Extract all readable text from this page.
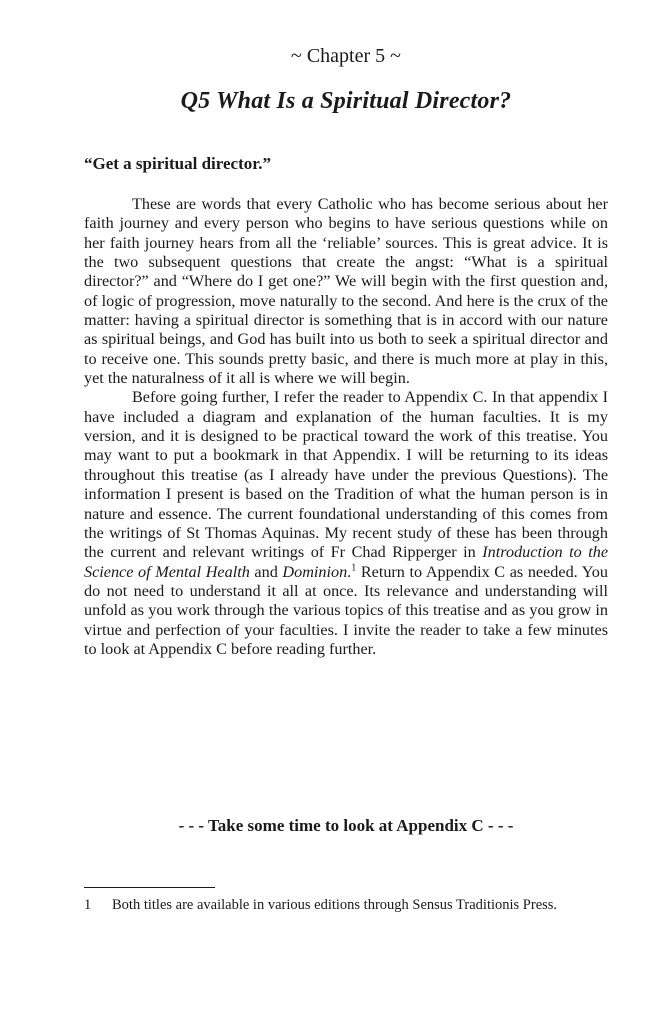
~ Chapter 5 ~
Q5 What Is a Spiritual Director?
“Get a spiritual director.”

These are words that every Catholic who has become serious about her faith journey and every person who begins to have serious questions while on her faith journey hears from all the ‘reliable’ sources. This is great advice. It is the two subsequent questions that create the angst: “What is a spiritual director?” and “Where do I get one?” We will begin with the first question and, of logic of progression, move naturally to the second. And here is the crux of the matter: having a spiritual director is something that is in accord with our nature as spiritual beings, and God has built into us both to seek a spiritual director and to receive one. This sounds pretty basic, and there is much more at play in this, yet the naturalness of it all is where we will begin.

Before going further, I refer the reader to Appendix C. In that appendix I have included a diagram and explanation of the human faculties. It is my version, and it is designed to be practical toward the work of this treatise. You may want to put a bookmark in that Appendix. I will be returning to its ideas throughout this treatise (as I already have under the previous Questions). The information I present is based on the Tradition of what the human person is in nature and essence. The current foundational understanding of this comes from the writings of St Thomas Aquinas. My recent study of these has been through the current and relevant writings of Fr Chad Ripperger in Introduction to the Science of Mental Health and Dominion.$^1$ Return to Appendix C as needed. You do not need to understand it all at once. Its relevance and understanding will unfold as you work through the various topics of this treatise and as you grow in virtue and perfection of your faculties. I invite the reader to take a few minutes to look at Appendix C before reading further.

- - - Take some time to look at Appendix C - - -
1 Both titles are available in various editions through Sensus Traditionis Press.
